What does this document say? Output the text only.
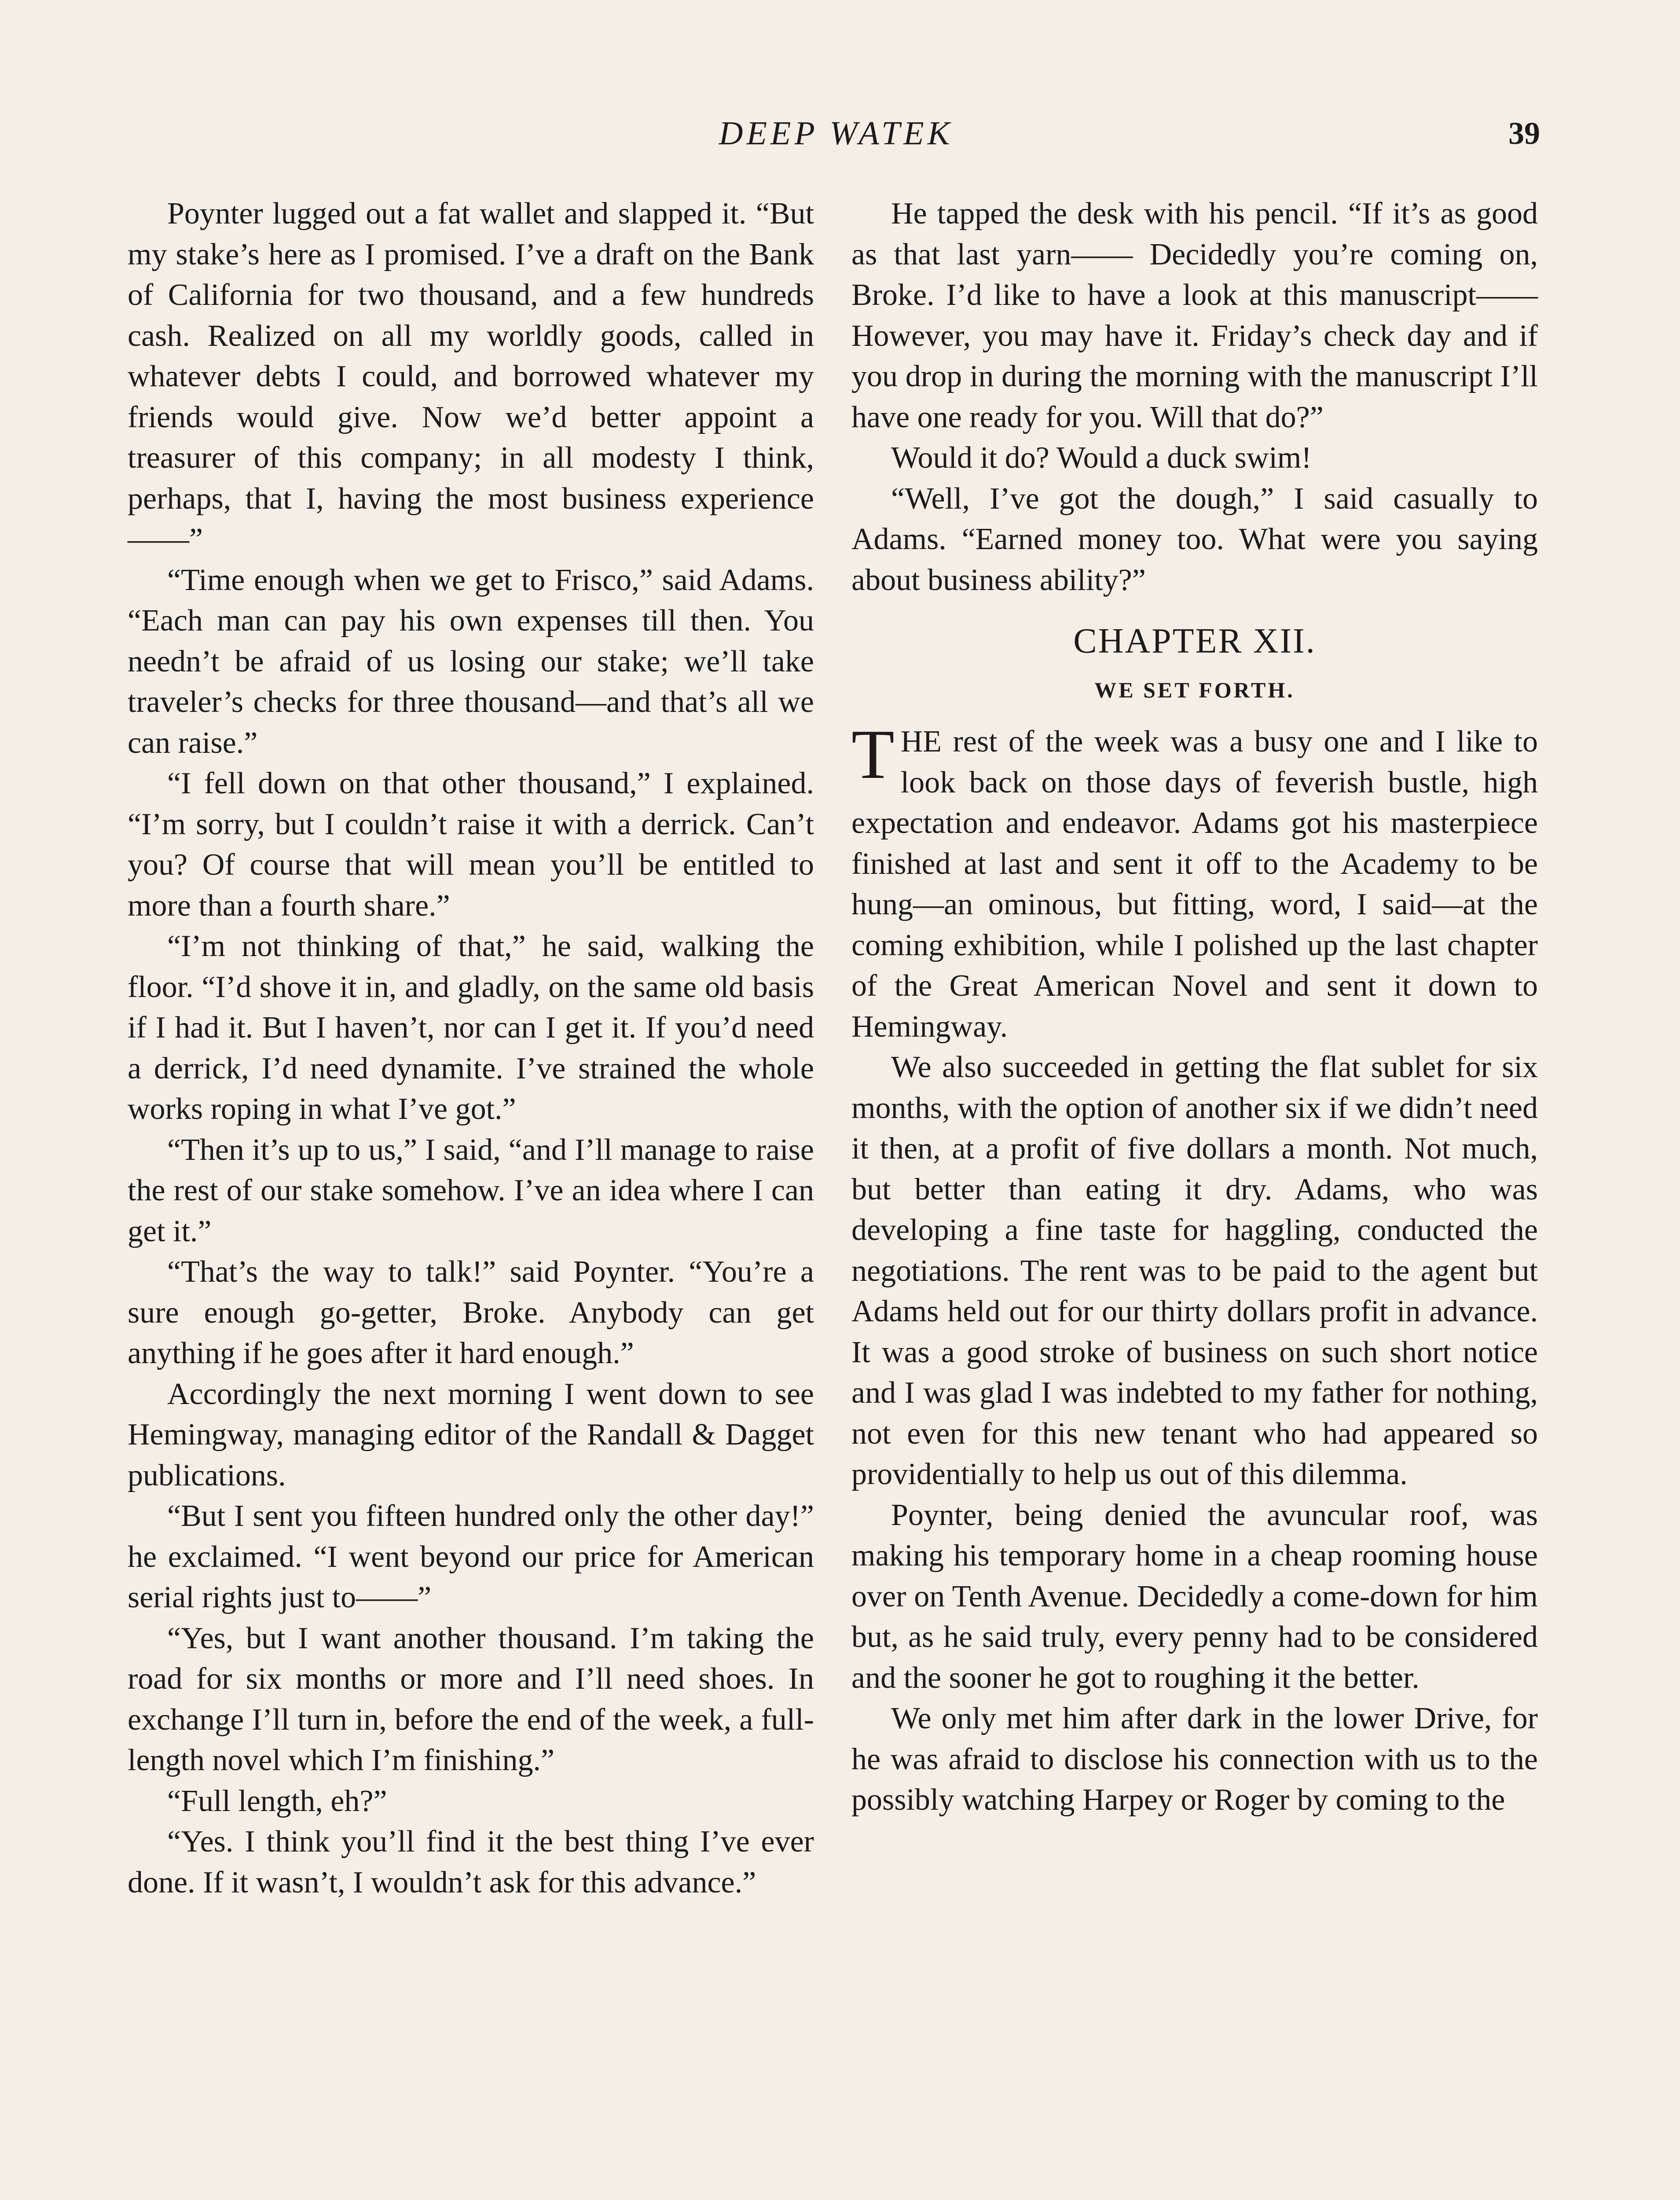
DEEP WATEK	39

Poynter lugged out a fat wallet and slapped it. “But my stake’s here as I promised. I’ve a draft on the Bank of California for two thousand, and a few hundreds cash. Realized on all my worldly goods, called in whatever debts I could, and borrowed whatever my friends would give. Now we’d better appoint a treasurer of this company; in all modesty I think, perhaps, that I, having the most business experience——”

“Time enough when we get to Frisco,” said Adams. “Each man can pay his own expenses till then. You needn’t be afraid of us losing our stake; we’ll take traveler’s checks for three thousand—and that’s all we can raise.”

“I fell down on that other thousand,” I explained. “I’m sorry, but I couldn’t raise it with a derrick. Can’t you? Of course that will mean you’ll be entitled to more than a fourth share.”

“I’m not thinking of that,” he said, walking the floor. “I’d shove it in, and gladly, on the same old basis if I had it. But I haven’t, nor can I get it. If you’d need a derrick, I’d need dynamite. I’ve strained the whole works roping in what I’ve got.”

“Then it’s up to us,” I said, “and I’ll manage to raise the rest of our stake somehow. I’ve an idea where I can get it.”

“That’s the way to talk!” said Poynter. “You’re a sure enough go-getter, Broke. Anybody can get anything if he goes after it hard enough.”

Accordingly the next morning I went down to see Hemingway, managing editor of the Randall & Dagget publications.

“But I sent you fifteen hundred only the other day!” he exclaimed. “I went beyond our price for American serial rights just to——”

“Yes, but I want another thousand. I’m taking the road for six months or more and I’ll need shoes. In exchange I’ll turn in, before the end of the week, a full-length novel which I’m finishing.”

“Full length, eh?”

“Yes. I think you’ll find it the best thing I’ve ever done. If it wasn’t, I wouldn’t ask for this advance.”

He tapped the desk with his pencil. “If it’s as good as that last yarn—— Decidedly you’re coming on, Broke. I’d like to have a look at this manuscript—— However, you may have it. Friday’s check day and if you drop in during the morning with the manuscript I’ll have one ready for you. Will that do?”

Would it do? Would a duck swim!

“Well, I’ve got the dough,” I said casually to Adams. “Earned money too. What were you saying about business ability?”

CHAPTER XII.
WE SET FORTH.

THE rest of the week was a busy one and I like to look back on those days of feverish bustle, high expectation and endeavor. Adams got his masterpiece finished at last and sent it off to the Academy to be hung—an ominous, but fitting, word, I said—at the coming exhibition, while I polished up the last chapter of the Great American Novel and sent it down to Hemingway.

We also succeeded in getting the flat sublet for six months, with the option of another six if we didn’t need it then, at a profit of five dollars a month. Not much, but better than eating it dry. Adams, who was developing a fine taste for haggling, conducted the negotiations. The rent was to be paid to the agent but Adams held out for our thirty dollars profit in advance. It was a good stroke of business on such short notice and I was glad I was indebted to my father for nothing, not even for this new tenant who had appeared so providentially to help us out of this dilemma.

Poynter, being denied the avuncular roof, was making his temporary home in a cheap rooming house over on Tenth Avenue. Decidedly a come-down for him but, as he said truly, every penny had to be considered and the sooner he got to roughing it the better.

We only met him after dark in the lower Drive, for he was afraid to disclose his connection with us to the possibly watching Harpey or Roger by coming to the
